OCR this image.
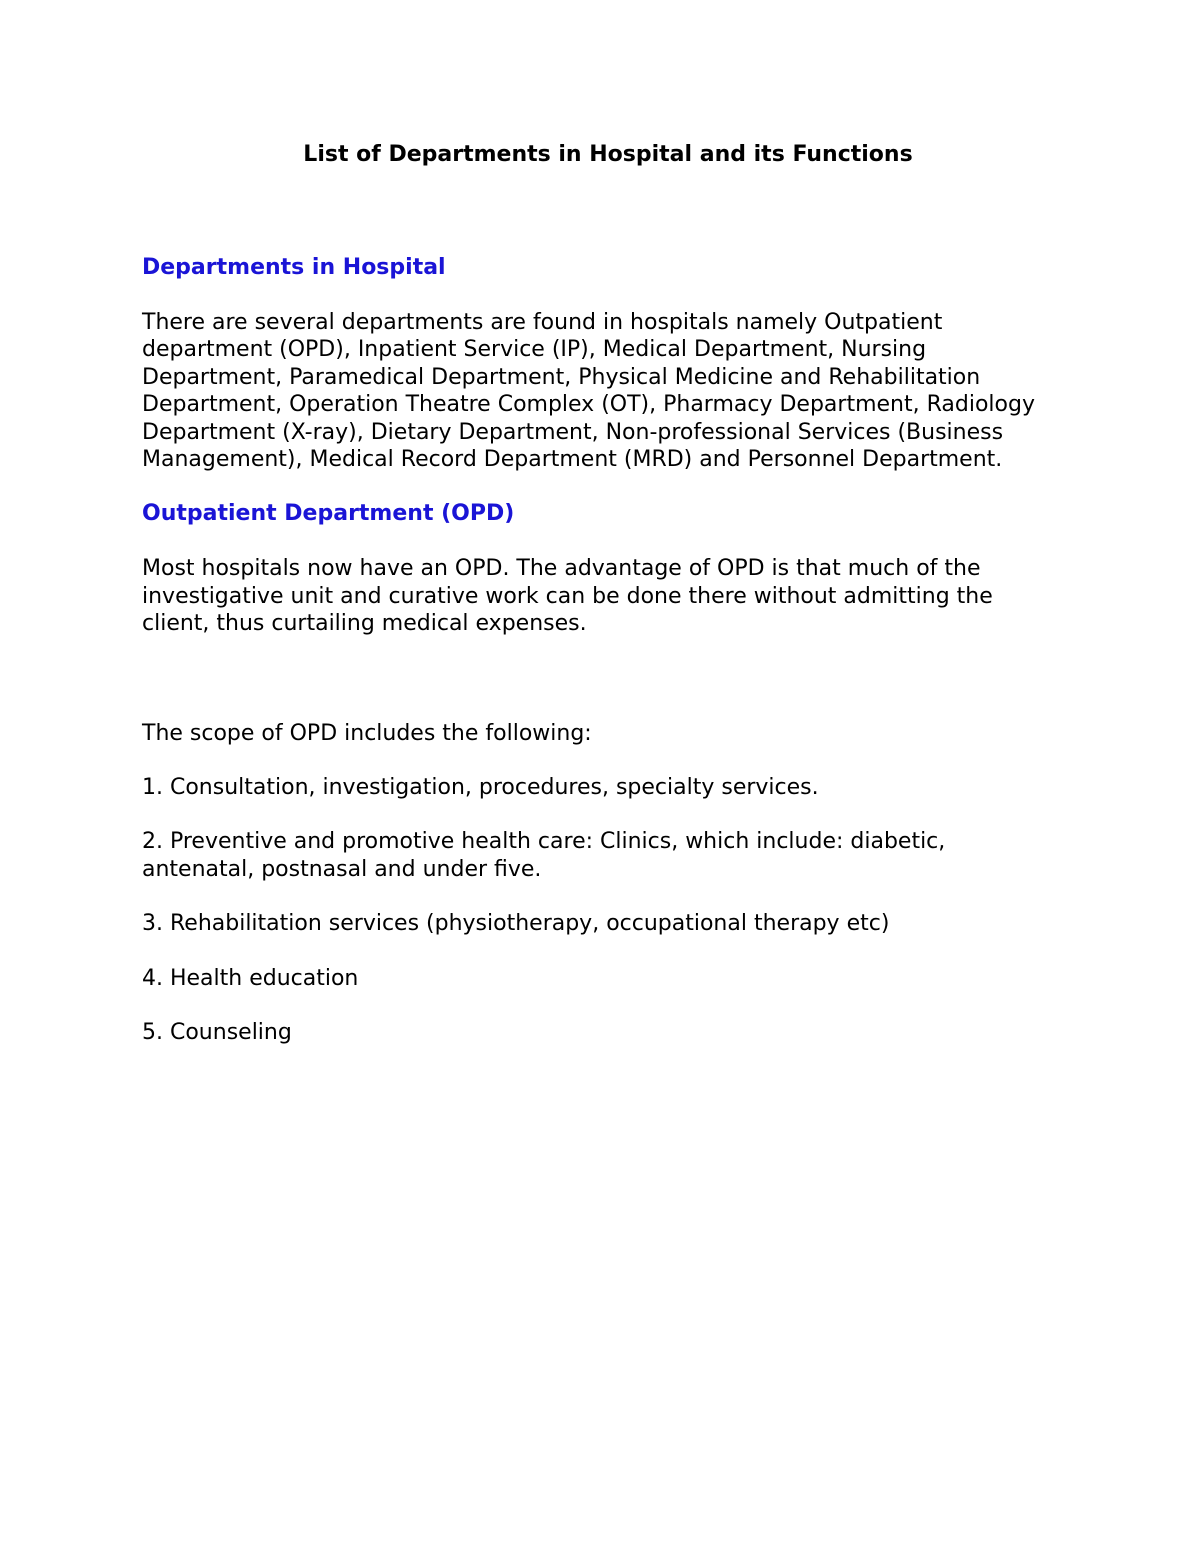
List of Departments in Hospital and its Functions
Departments in Hospital
There are several departments are found in hospitals namely Outpatient department (OPD), Inpatient Service (IP), Medical Department, Nursing Department, Paramedical Department, Physical Medicine and Rehabilitation Department, Operation Theatre Complex (OT), Pharmacy Department, Radiology Department (X-ray), Dietary Department, Non-professional Services (Business Management), Medical Record Department (MRD) and Personnel Department.
Outpatient Department (OPD)
Most hospitals now have an OPD. The advantage of OPD is that much of the investigative unit and curative work can be done there without admitting the client, thus curtailing medical expenses.
The scope of OPD includes the following:
1. Consultation, investigation, procedures, specialty services.
2. Preventive and promotive health care: Clinics, which include: diabetic, antenatal, postnasal and under five.
3. Rehabilitation services (physiotherapy, occupational therapy etc)
4. Health education
5. Counseling
